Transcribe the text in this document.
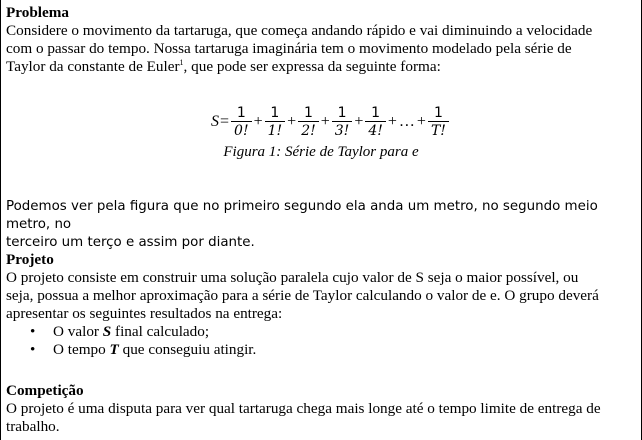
Problema
Considere o movimento da tartaruga, que começa andando rápido e vai diminuindo a velocidade
com o passar do tempo. Nossa tartaruga imaginária tem o movimento modelado pela série de
Taylor da constante de Euler$^1$, que pode ser expressa da seguinte forma:
$S = \frac{1}{0!} + \frac{1}{1!} + \frac{1}{2!} + \frac{1}{3!} + \frac{1}{4!}$ + … + $\frac{1}{T!}$
Figura 1: Série de Taylor para e
Podemos ver pela figura que no primeiro segundo ela anda um metro, no segundo meio metro, no
terceiro um terço e assim por diante.
Projeto
O projeto consiste em construir uma solução paralela cujo valor de S seja o maior possível, ou
seja, possua a melhor aproximação para a série de Taylor calculando o valor de e. O grupo deverá
apresentar os seguintes resultados na entrega:
• O valor S final calculado;
• O tempo T que conseguiu atingir.
Competição
O projeto é uma disputa para ver qual tartaruga chega mais longe até o tempo limite de entrega de
trabalho.
